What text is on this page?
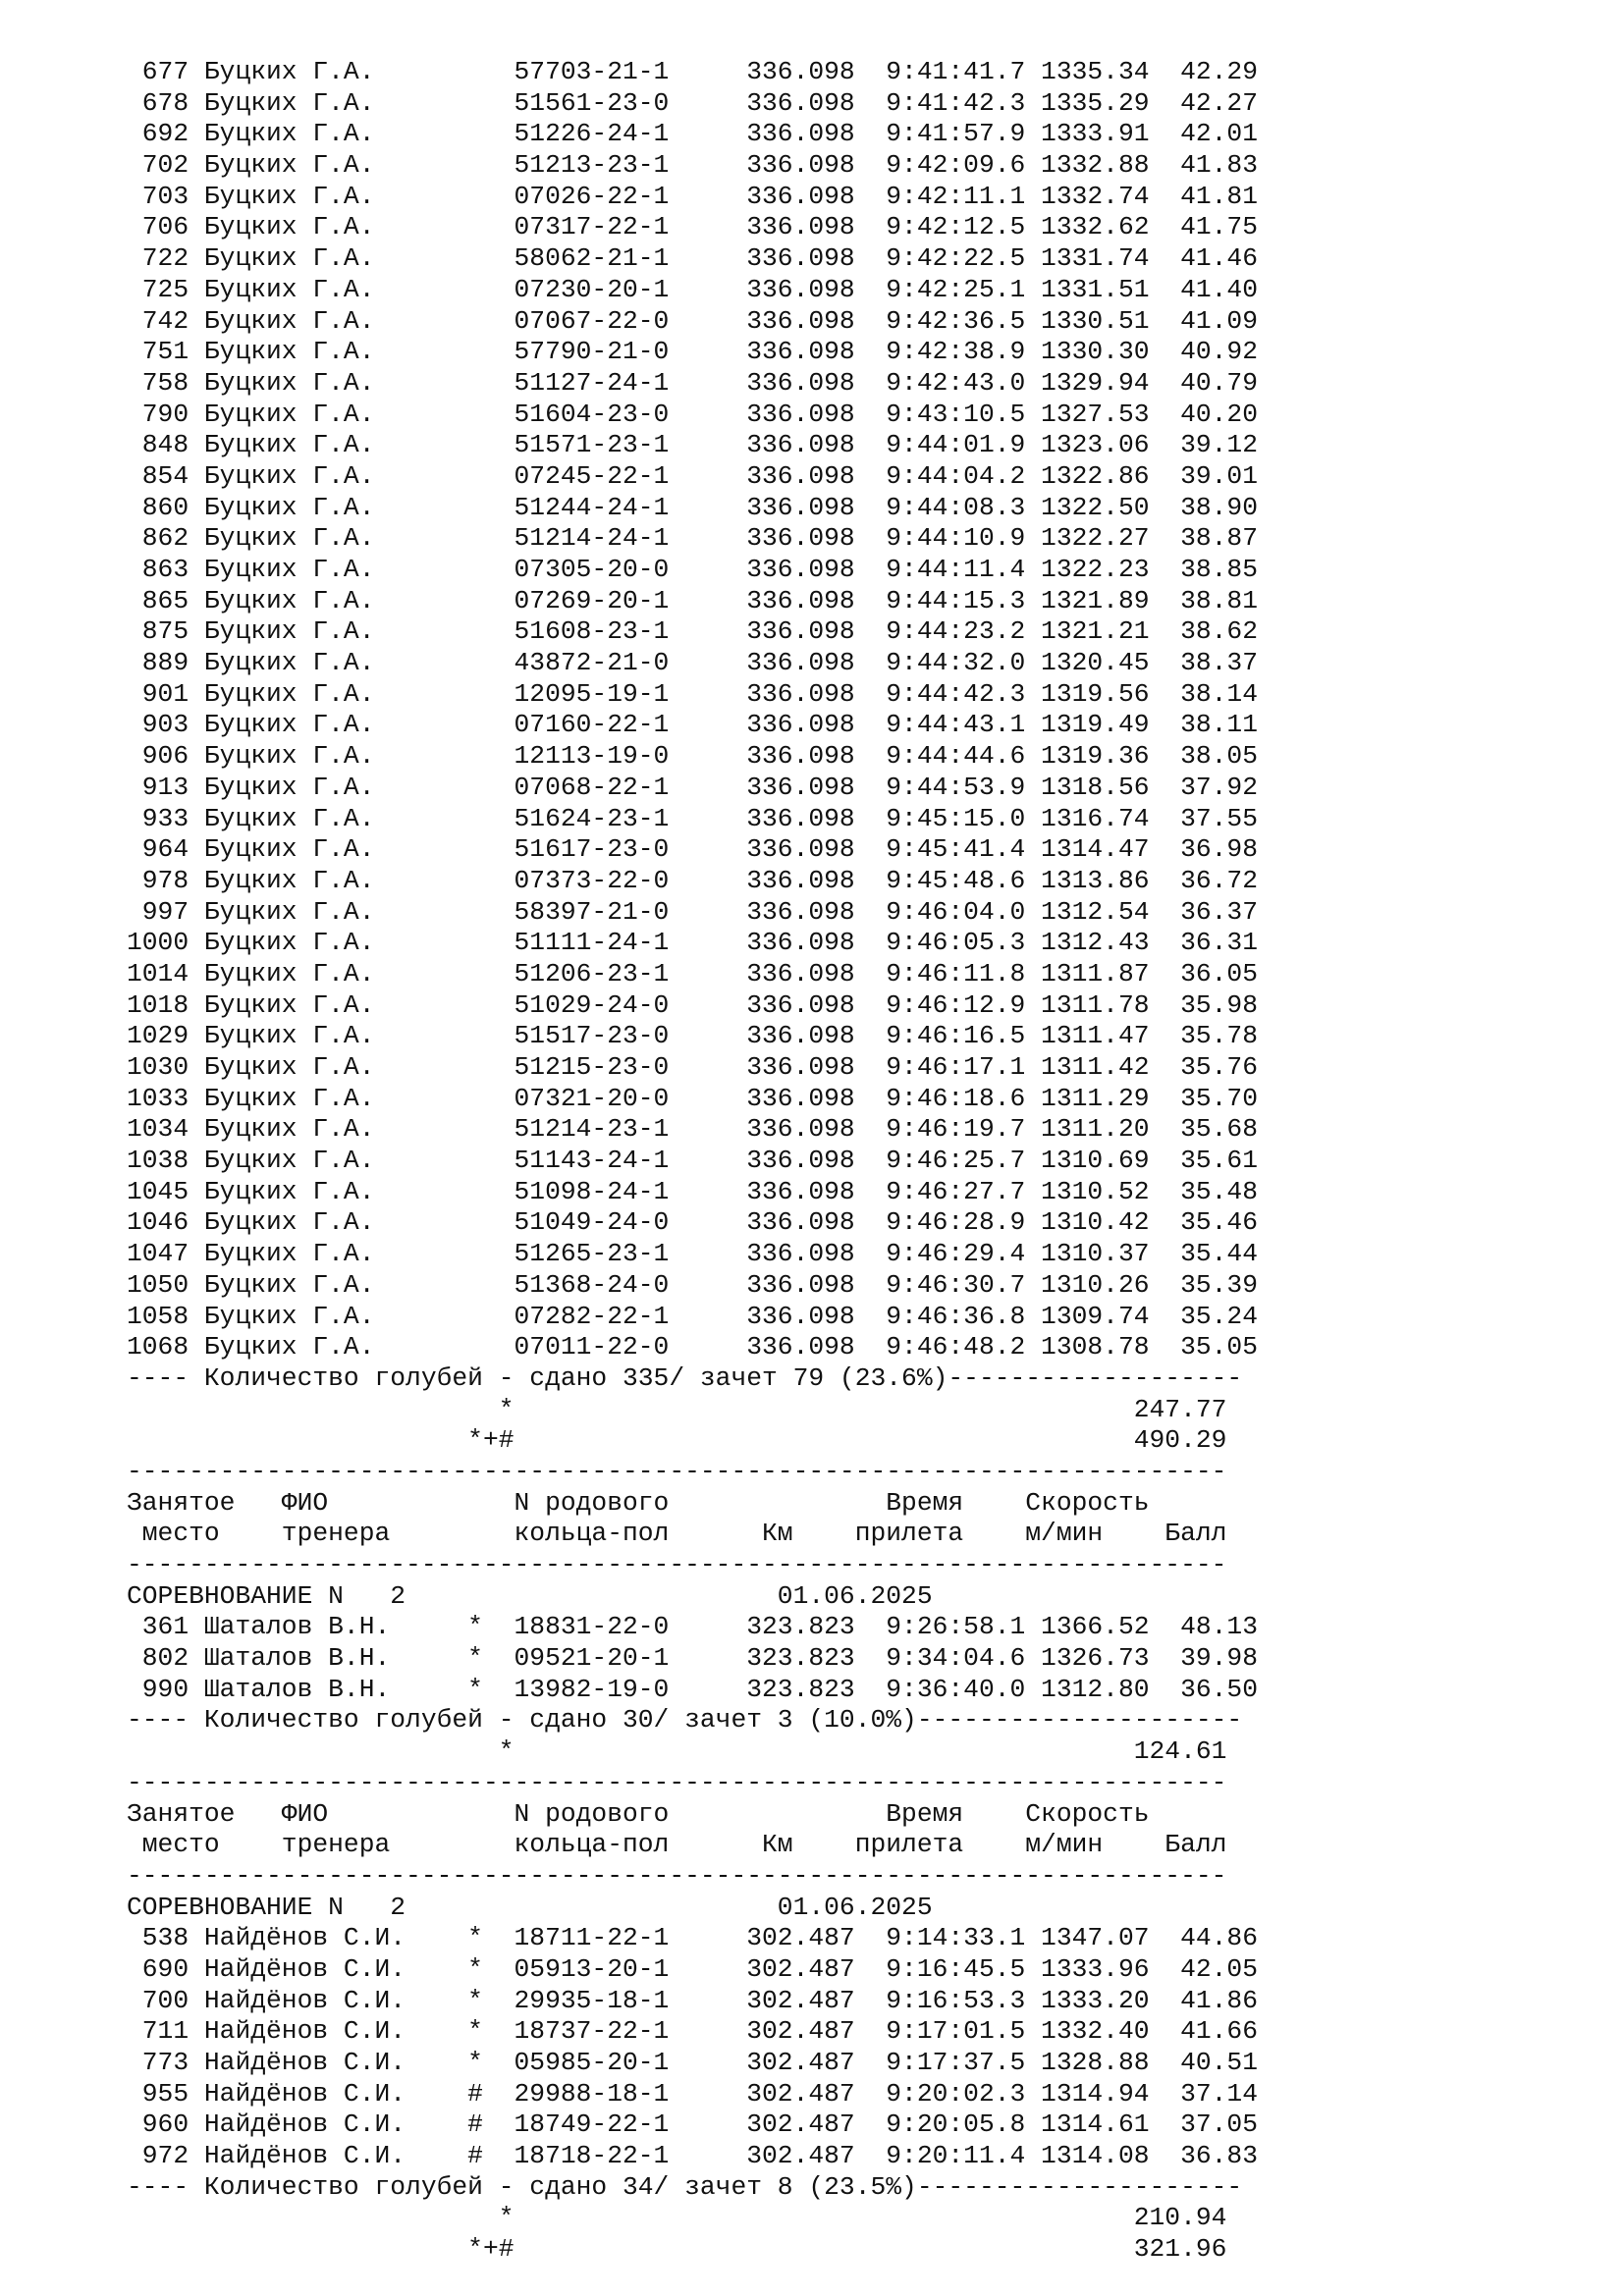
677 Буцких Г.А.         57703-21-1     336.098  9:41:41.7 1335.34  42.29
678 Буцких Г.А.         51561-23-0     336.098  9:41:42.3 1335.29  42.27
692 Буцких Г.А.         51226-24-1     336.098  9:41:57.9 1333.91  42.01
702 Буцких Г.А.         51213-23-1     336.098  9:42:09.6 1332.88  41.83
703 Буцких Г.А.         07026-22-1     336.098  9:42:11.1 1332.74  41.81
706 Буцких Г.А.         07317-22-1     336.098  9:42:12.5 1332.62  41.75
722 Буцких Г.А.         58062-21-1     336.098  9:42:22.5 1331.74  41.46
725 Буцких Г.А.         07230-20-1     336.098  9:42:25.1 1331.51  41.40
742 Буцких Г.А.         07067-22-0     336.098  9:42:36.5 1330.51  41.09
751 Буцких Г.А.         57790-21-0     336.098  9:42:38.9 1330.30  40.92
758 Буцких Г.А.         51127-24-1     336.098  9:42:43.0 1329.94  40.79
790 Буцких Г.А.         51604-23-0     336.098  9:43:10.5 1327.53  40.20
848 Буцких Г.А.         51571-23-1     336.098  9:44:01.9 1323.06  39.12
854 Буцких Г.А.         07245-22-1     336.098  9:44:04.2 1322.86  39.01
860 Буцких Г.А.         51244-24-1     336.098  9:44:08.3 1322.50  38.90
862 Буцких Г.А.         51214-24-1     336.098  9:44:10.9 1322.27  38.87
863 Буцких Г.А.         07305-20-0     336.098  9:44:11.4 1322.23  38.85
865 Буцких Г.А.         07269-20-1     336.098  9:44:15.3 1321.89  38.81
875 Буцких Г.А.         51608-23-1     336.098  9:44:23.2 1321.21  38.62
889 Буцких Г.А.         43872-21-0     336.098  9:44:32.0 1320.45  38.37
901 Буцких Г.А.         12095-19-1     336.098  9:44:42.3 1319.56  38.14
903 Буцких Г.А.         07160-22-1     336.098  9:44:43.1 1319.49  38.11
906 Буцких Г.А.         12113-19-0     336.098  9:44:44.6 1319.36  38.05
913 Буцких Г.А.         07068-22-1     336.098  9:44:53.9 1318.56  37.92
933 Буцких Г.А.         51624-23-1     336.098  9:45:15.0 1316.74  37.55
964 Буцких Г.А.         51617-23-0     336.098  9:45:41.4 1314.47  36.98
978 Буцких Г.А.         07373-22-0     336.098  9:45:48.6 1313.86  36.72
997 Буцких Г.А.         58397-21-0     336.098  9:46:04.0 1312.54  36.37
1000 Буцких Г.А.         51111-24-1     336.098  9:46:05.3 1312.43  36.31
1014 Буцких Г.А.         51206-23-1     336.098  9:46:11.8 1311.87  36.05
1018 Буцких Г.А.         51029-24-0     336.098  9:46:12.9 1311.78  35.98
1029 Буцких Г.А.         51517-23-0     336.098  9:46:16.5 1311.47  35.78
1030 Буцких Г.А.         51215-23-0     336.098  9:46:17.1 1311.42  35.76
1033 Буцких Г.А.         07321-20-0     336.098  9:46:18.6 1311.29  35.70
1034 Буцких Г.А.         51214-23-1     336.098  9:46:19.7 1311.20  35.68
1038 Буцких Г.А.         51143-24-1     336.098  9:46:25.7 1310.69  35.61
1045 Буцких Г.А.         51098-24-1     336.098  9:46:27.7 1310.52  35.48
1046 Буцких Г.А.         51049-24-0     336.098  9:46:28.9 1310.42  35.46
1047 Буцких Г.А.         51265-23-1     336.098  9:46:29.4 1310.37  35.44
1050 Буцких Г.А.         51368-24-0     336.098  9:46:30.7 1310.26  35.39
1058 Буцких Г.А.         07282-22-1     336.098  9:46:36.8 1309.74  35.24
1068 Буцких Г.А.         07011-22-0     336.098  9:46:48.2 1308.78  35.05
---- Количество голубей - сдано 335/ зачет 79 (23.6%)-------------------
*                                        247.77
*+#                                        490.29
-----------------------------------------------------------------------
Занятое   ФИО            N родового              Время    Скорость
место    тренера        кольца-пол      Км    прилета    м/мин    Балл
-----------------------------------------------------------------------
СОРЕВНОВАНИЕ N   2                        01.06.2025
361 Шаталов В.Н.     *  18831-22-0     323.823  9:26:58.1 1366.52  48.13
802 Шаталов В.Н.     *  09521-20-1     323.823  9:34:04.6 1326.73  39.98
990 Шаталов В.Н.     *  13982-19-0     323.823  9:36:40.0 1312.80  36.50
---- Количество голубей - сдано 30/ зачет 3 (10.0%)---------------------
*                                        124.61
-----------------------------------------------------------------------
Занятое   ФИО            N родового              Время    Скорость
место    тренера        кольца-пол      Км    прилета    м/мин    Балл
-----------------------------------------------------------------------
СОРЕВНОВАНИЕ N   2                        01.06.2025
538 Найдёнов С.И.    *  18711-22-1     302.487  9:14:33.1 1347.07  44.86
690 Найдёнов С.И.    *  05913-20-1     302.487  9:16:45.5 1333.96  42.05
700 Найдёнов С.И.    *  29935-18-1     302.487  9:16:53.3 1333.20  41.86
711 Найдёнов С.И.    *  18737-22-1     302.487  9:17:01.5 1332.40  41.66
773 Найдёнов С.И.    *  05985-20-1     302.487  9:17:37.5 1328.88  40.51
955 Найдёнов С.И.    #  29988-18-1     302.487  9:20:02.3 1314.94  37.14
960 Найдёнов С.И.    #  18749-22-1     302.487  9:20:05.8 1314.61  37.05
972 Найдёнов С.И.    #  18718-22-1     302.487  9:20:11.4 1314.08  36.83
---- Количество голубей - сдано 34/ зачет 8 (23.5%)---------------------
*                                        210.94
*+#                                        321.96
